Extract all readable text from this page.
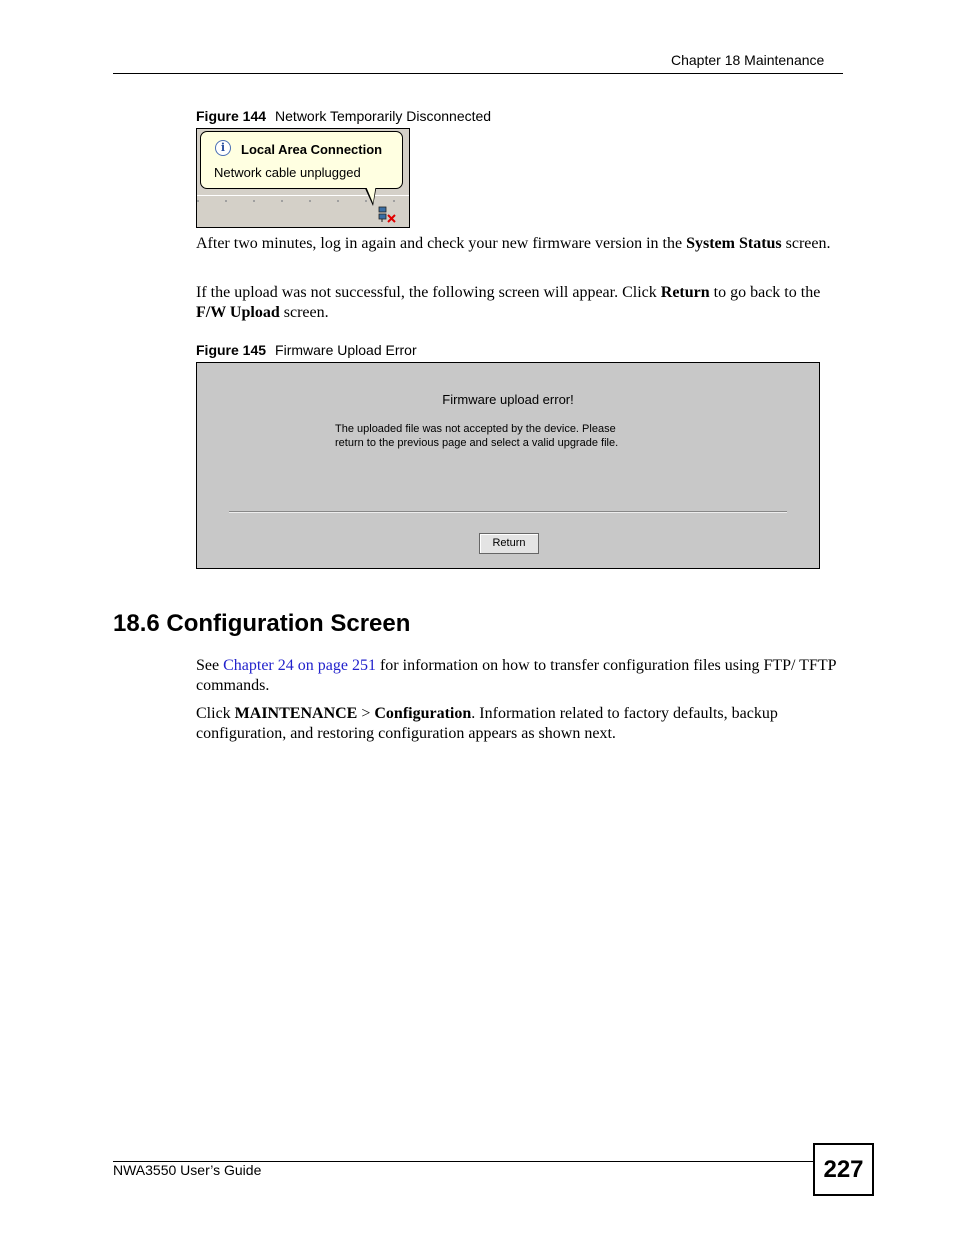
Chapter 18 Maintenance
Figure 144 Network Temporarily Disconnected
i	Local Area Connection
Network cable unplugged
After two minutes, log in again and check your new firmware version in the System Status screen.
If the upload was not successful, the following screen will appear. Click Return to go back to the F/W Upload screen.
Figure 145 Firmware Upload Error
Firmware upload error!
The uploaded file was not accepted by the device. Please
return to the previous page and select a valid upgrade file.
Return
18.6 Configuration Screen
See Chapter 24 on page 251 for information on how to transfer configuration files using FTP/ TFTP commands.
Click MAINTENANCE > Configuration. Information related to factory defaults, backup configuration, and restoring configuration appears as shown next.
NWA3550 User’s Guide	227
